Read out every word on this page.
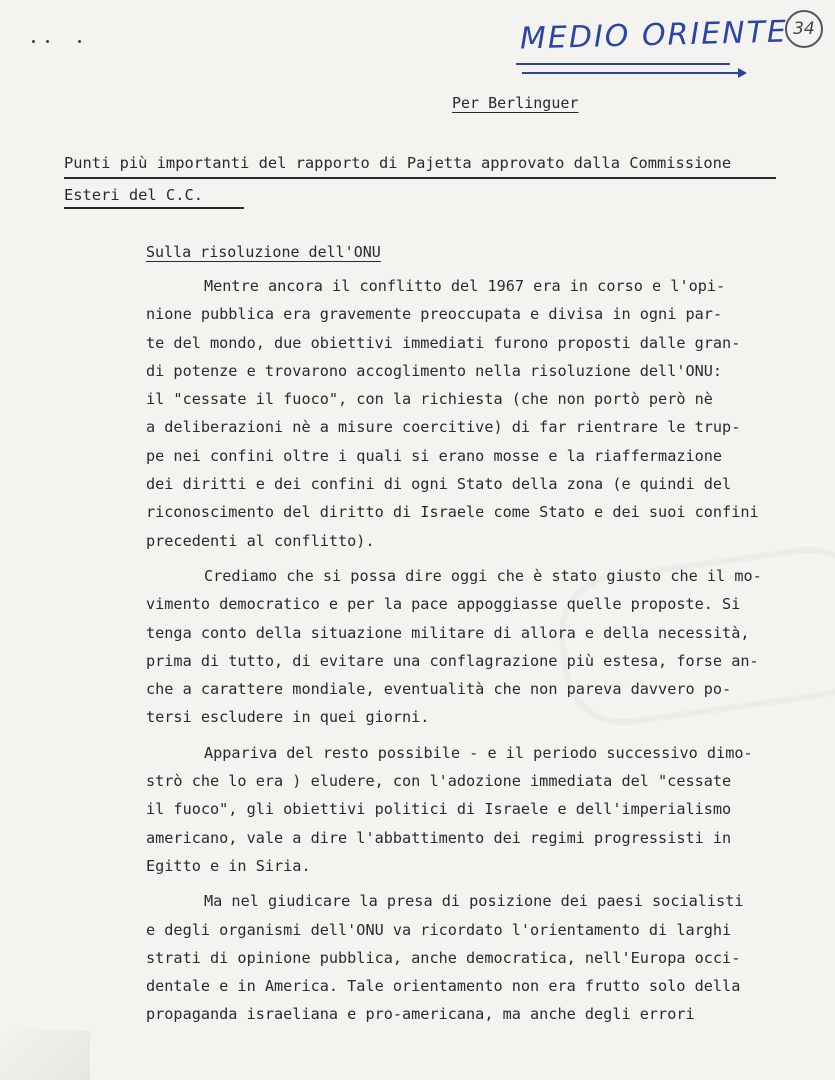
MEDIO ORIENTE 34
Per Berlinguer
Punti più importanti del rapporto di Pajetta approvato dalla Commissione
Esteri del C.C.
Sulla risoluzione dell'ONU
Mentre ancora il conflitto del 1967 era in corso e l'opi-
nione pubblica era gravemente preoccupata e divisa in ogni par-
te del mondo, due obiettivi immediati furono proposti dalle gran-
di potenze e trovarono accoglimento nella risoluzione dell'ONU:
il "cessate il fuoco", con la richiesta (che non portò però nè
a deliberazioni nè a misure coercitive) di far rientrare le trup-
pe nei confini oltre i quali si erano mosse e la riaffermazione
dei diritti e dei confini di ogni Stato della zona (e quindi del
riconoscimento del diritto di Israele come Stato e dei suoi confini
precedenti al conflitto).
Crediamo che si possa dire oggi che è stato giusto che il mo-
vimento democratico e per la pace appoggiasse quelle proposte. Si
tenga conto della situazione militare di allora e della necessità,
prima di tutto, di evitare una conflagrazione più estesa, forse an-
che a carattere mondiale, eventualità che non pareva davvero po-
tersi escludere in quei giorni.
Appariva del resto possibile - e il periodo successivo dimo-
strò che lo era ) eludere, con l'adozione immediata del "cessate
il fuoco", gli obiettivi politici di Israele e dell'imperialismo
americano, vale a dire l'abbattimento dei regimi progressisti in
Egitto e in Siria.
Ma nel giudicare la presa di posizione dei paesi socialisti
e degli organismi dell'ONU va ricordato l'orientamento di larghi
strati di opinione pubblica, anche democratica, nell'Europa occi-
dentale e in America. Tale orientamento non era frutto solo della
propaganda israeliana e pro-americana, ma anche degli errori
